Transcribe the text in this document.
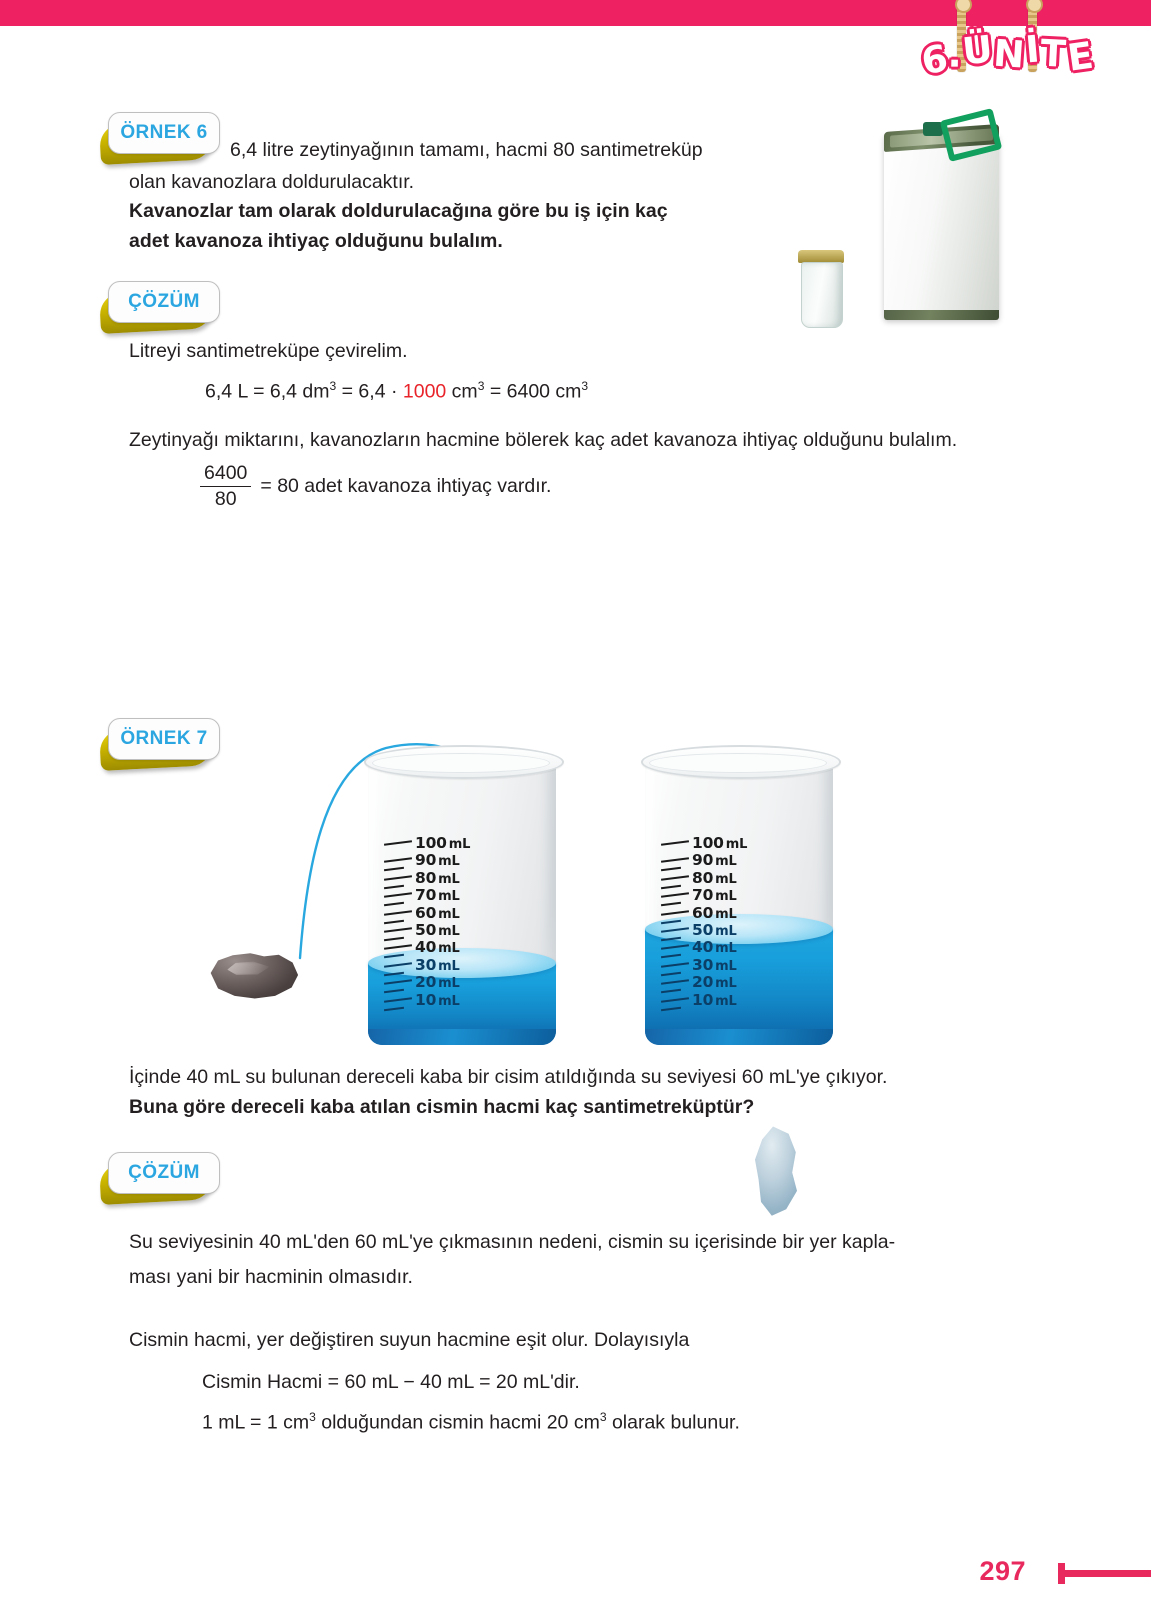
6.ÜNİTE
ÖRNEK 6
6,4 litre zeytinyağının tamamı, hacmi 80 santimetreküp
olan kavanozlara doldurulacaktır.
Kavanozlar tam olarak doldurulacağına göre bu iş için kaç
adet kavanoza ihtiyaç olduğunu bulalım.
ÇÖZÜM
Litreyi santimetreküpe çevirelim.
6,4 L = 6,4 $dm^3 = 6,4 \cdot 1000$ $cm^3 = 6400$ $cm^3$
Zeytinyağı miktarını, kavanozların hacmine bölerek kaç adet kavanoza ihtiyaç olduğunu bulalım.
$\frac{6400}{80} = 80$ adet kavanoza ihtiyaç vardır.
ÖRNEK 7
100 mL
90 mL
80 mL
70 mL
60 mL
50 mL
40 mL
30 mL
20 mL
10 mL
100 mL
90 mL
80 mL
70 mL
60 mL
50 mL
40 mL
30 mL
20 mL
10 mL
İçinde 40 mL su bulunan dereceli kaba bir cisim atıldığında su seviyesi 60 mL'ye çıkıyor.
Buna göre dereceli kaba atılan cismin hacmi kaç santimetreküptür?
ÇÖZÜM
Su seviyesinin 40 mL'den 60 mL'ye çıkmasının nedeni, cismin su içerisinde bir yer kapla-
ması yani bir hacminin olmasıdır.
Cismin hacmi, yer değiştiren suyun hacmine eşit olur. Dolayısıyla
Cismin Hacmi = 60 mL − 40 mL = 20 mL'dir.
1 mL = 1 $cm^3$ olduğundan cismin hacmi 20 $cm^3$ olarak bulunur.
297
